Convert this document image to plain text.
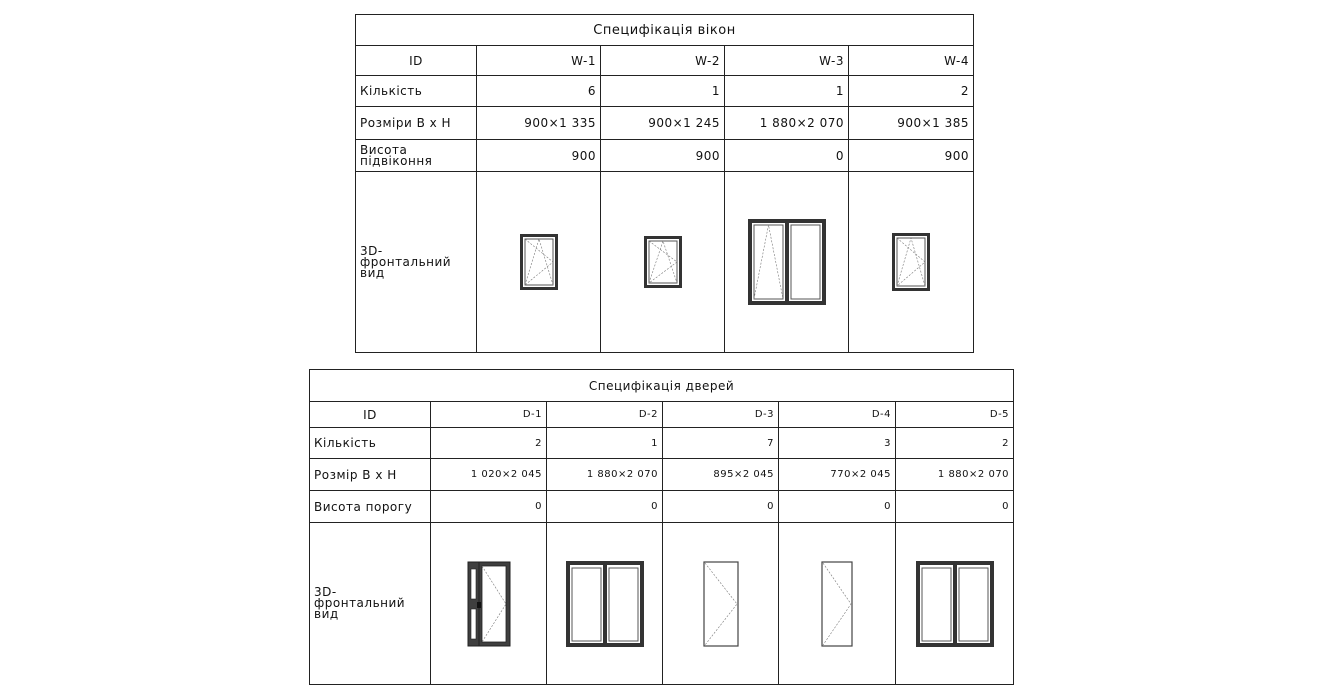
Специфікація вікон				
ID	W-1	W-2	W-3	W-4
Кількість	6	1	1	2
Розміри В х Н	900×1 335	900×1 245	1 880×2 070	900×1 385
Висота підвіконня	900	900	0	900
3D-фронтальний вид	

Специфікація дверей					
ID	D-1	D-2	D-3	D-4	D-5
Кількість	2	1	7	3	2
Розмір В х Н	1 020×2 045	1 880×2 070	895×2 045	770×2 045	1 880×2 070
Висота порогу	0	0	0	0	0
3D-фронтальний вид	
